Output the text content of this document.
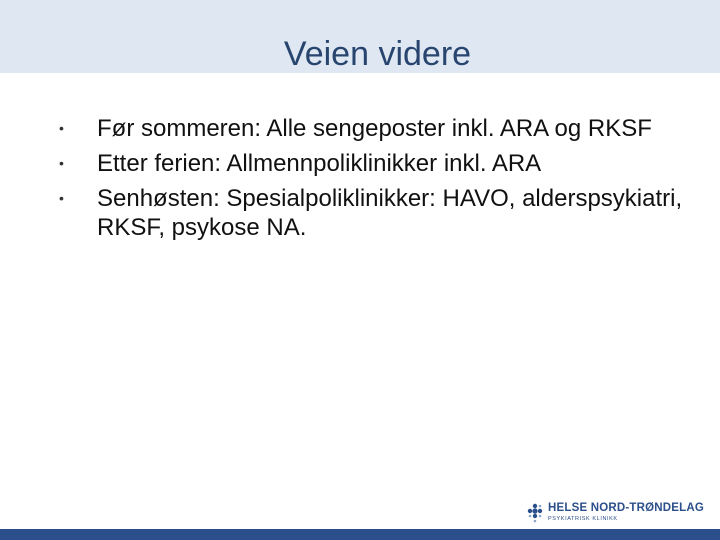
Veien videre
• Før sommeren: Alle sengeposter inkl. ARA og RKSF
• Etter ferien: Allmennpoliklinikker inkl. ARA
• Senhøsten: Spesialpoliklinikker: HAVO, alderspsykiatri, RKSF, psykose NA.
HELSE NORD-TRØNDELAG
PSYKIATRISK KLINIKK
